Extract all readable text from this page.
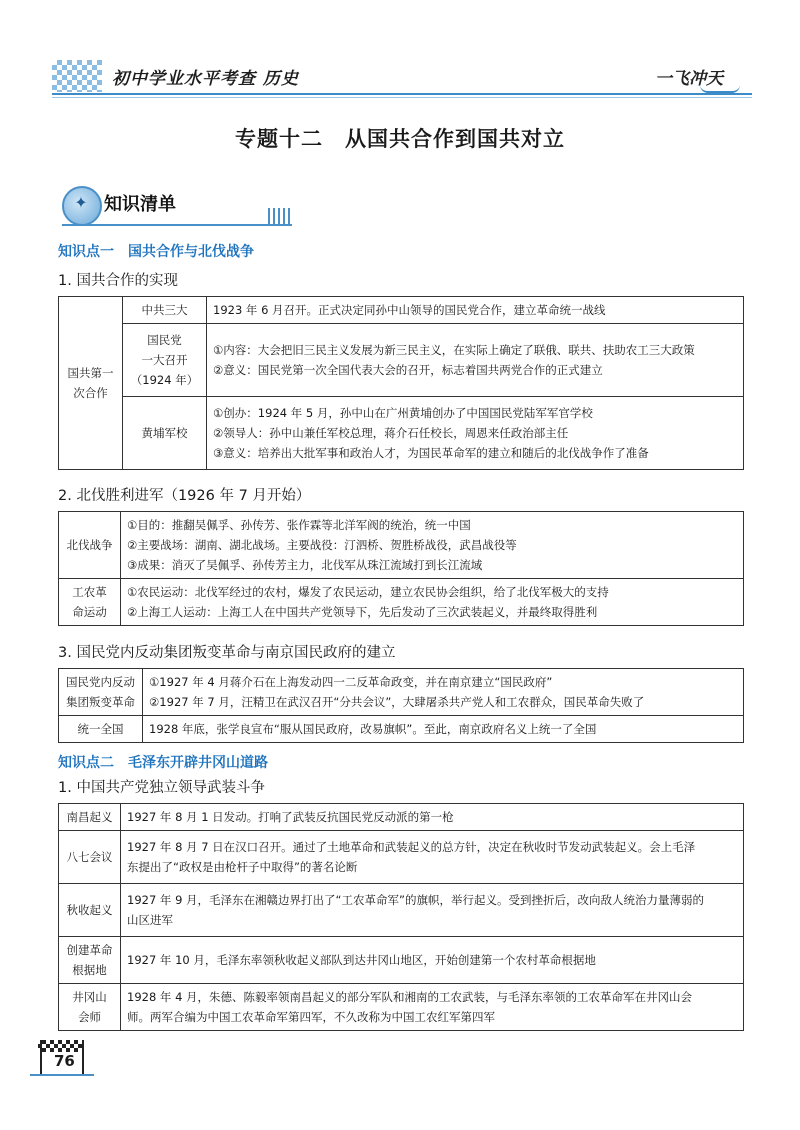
初中学业水平考查 历史	一飞冲天
专题十二　从国共合作到国共对立
✦ 知识清单
知识点一　国共合作与北伐战争
1. 国共合作的实现
国共第一次合作	中共三大	1923 年 6 月召开。正式决定同孙中山领导的国民党合作，建立革命统一战线

	国民党
一大召开
（1924 年）	①内容：大会把旧三民主义发展为新三民主义，在实际上确定了联俄、联共、扶助农工三大政策
②意义：国民党第一次全国代表大会的召开，标志着国共两党合作的正式建立

	黄埔军校	①创办：1924 年 5 月，孙中山在广州黄埔创办了中国国民党陆军军官学校
②领导人：孙中山兼任军校总理，蒋介石任校长，周恩来任政治部主任
③意义：培养出大批军事和政治人才，为国民革命军的建立和随后的北伐战争作了准备
2. 北伐胜利进军（1926 年 7 月开始）
北伐战争	①目的：推翻吴佩孚、孙传芳、张作霖等北洋军阀的统治，统一中国
②主要战场：湖南、湖北战场。主要战役：汀泗桥、贺胜桥战役，武昌战役等
③成果：消灭了吴佩孚、孙传芳主力，北伐军从珠江流域打到长江流域

工农革
命运动	①农民运动：北伐军经过的农村，爆发了农民运动，建立农民协会组织，给了北伐军极大的支持
②上海工人运动：上海工人在中国共产党领导下，先后发动了三次武装起义，并最终取得胜利
3. 国民党内反动集团叛变革命与南京国民政府的建立
国民党内反动
集团叛变革命	①1927 年 4 月蒋介石在上海发动四一二反革命政变，并在南京建立“国民政府”
②1927 年 7 月，汪精卫在武汉召开“分共会议”，大肆屠杀共产党人和工农群众，国民革命失败了

统一全国	1928 年底，张学良宣布“服从国民政府，改易旗帜”。至此，南京政府名义上统一了全国
知识点二　毛泽东开辟井冈山道路
1. 中国共产党独立领导武装斗争
南昌起义	1927 年 8 月 1 日发动。打响了武装反抗国民党反动派的第一枪

八七会议	1927 年 8 月 7 日在汉口召开。通过了土地革命和武装起义的总方针，决定在秋收时节发动武装起义。会上毛泽
东提出了“政权是由枪杆子中取得”的著名论断

秋收起义	1927 年 9 月，毛泽东在湘赣边界打出了“工农革命军”的旗帜，举行起义。受到挫折后，改向敌人统治力量薄弱的
山区进军

创建革命
根据地	1927 年 10 月，毛泽东率领秋收起义部队到达井冈山地区，开始创建第一个农村革命根据地

井冈山
会师	1928 年 4 月，朱德、陈毅率领南昌起义的部分军队和湘南的工农武装，与毛泽东率领的工农革命军在井冈山会
师。两军合编为中国工农革命军第四军，不久改称为中国工农红军第四军
76
